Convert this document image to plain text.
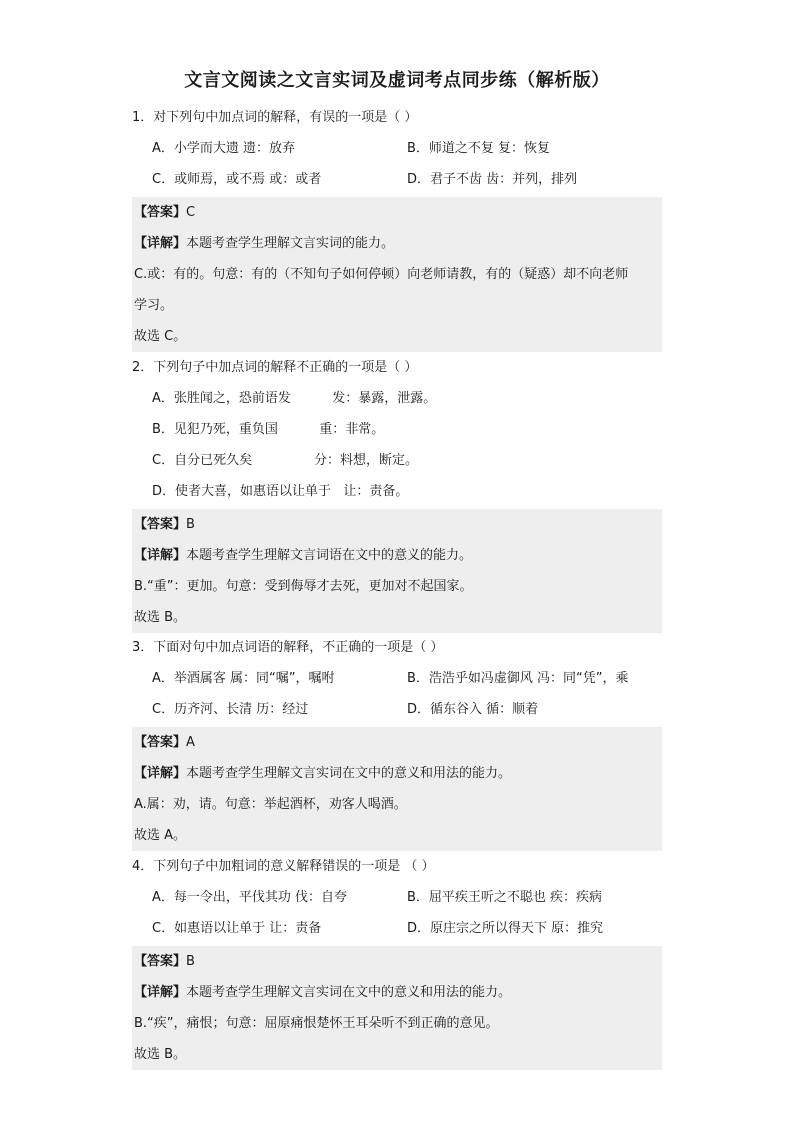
文言文阅读之文言实词及虚词考点同步练（解析版）
1．对下列句中加点词的解释，有误的一项是（ ）
A．小学而大遗 遗：放弃	B．师道之不复 复：恢复
C．或师焉，或不焉 或：或者	D．君子不齿 齿：并列，排列
【答案】C
【详解】本题考查学生理解文言实词的能力。
C.或：有的。句意：有的（不知句子如何停顿）向老师请教，有的（疑惑）却不向老师
学习。
故选 C。
2．下列句子中加点词的解释不正确的一项是（ ）
A．张胜闻之，恐前语发          发：暴露，泄露。
B．见犯乃死，重负国          重：非常。
C．自分已死久矣               分：料想，断定。
D．使者大喜，如惠语以让单于   让：责备。
【答案】B
【详解】本题考查学生理解文言词语在文中的意义的能力。
B.“重”：更加。句意：受到侮辱才去死，更加对不起国家。
故选 B。
3．下面对句中加点词语的解释，不正确的一项是（ ）
A．举酒属客 属：同“嘱”，嘱咐	B．浩浩乎如冯虚御风 冯：同“凭”，乘
C．历齐河、长清 历：经过	D．循东谷入 循：顺着
【答案】A
【详解】本题考查学生理解文言实词在文中的意义和用法的能力。
A.属：劝，请。句意：举起酒杯，劝客人喝酒。
故选 A。
4．下列句子中加粗词的意义解释错误的一项是 （ ）
A．每一令出，平伐其功 伐：自夸	B．屈平疾王听之不聪也 疾：疾病
C．如惠语以让单于 让：责备	D．原庄宗之所以得天下 原：推究
【答案】B
【详解】本题考查学生理解文言实词在文中的意义和用法的能力。
B.“疾”，痛恨；句意：屈原痛恨楚怀王耳朵听不到正确的意见。
故选 B。
